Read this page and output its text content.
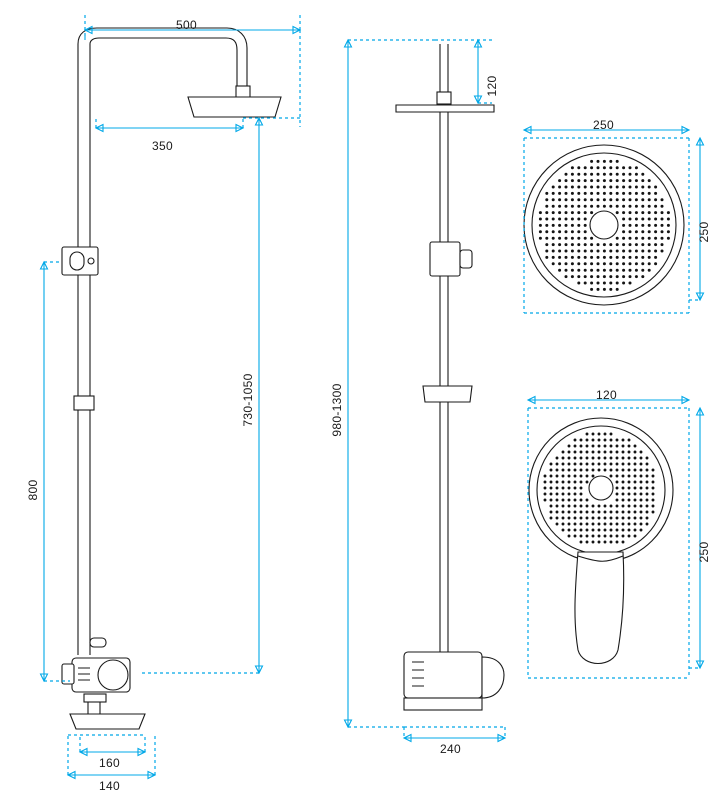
500
350
730-1050
800
160
140
120
980-1300
240
250
250
120
250
